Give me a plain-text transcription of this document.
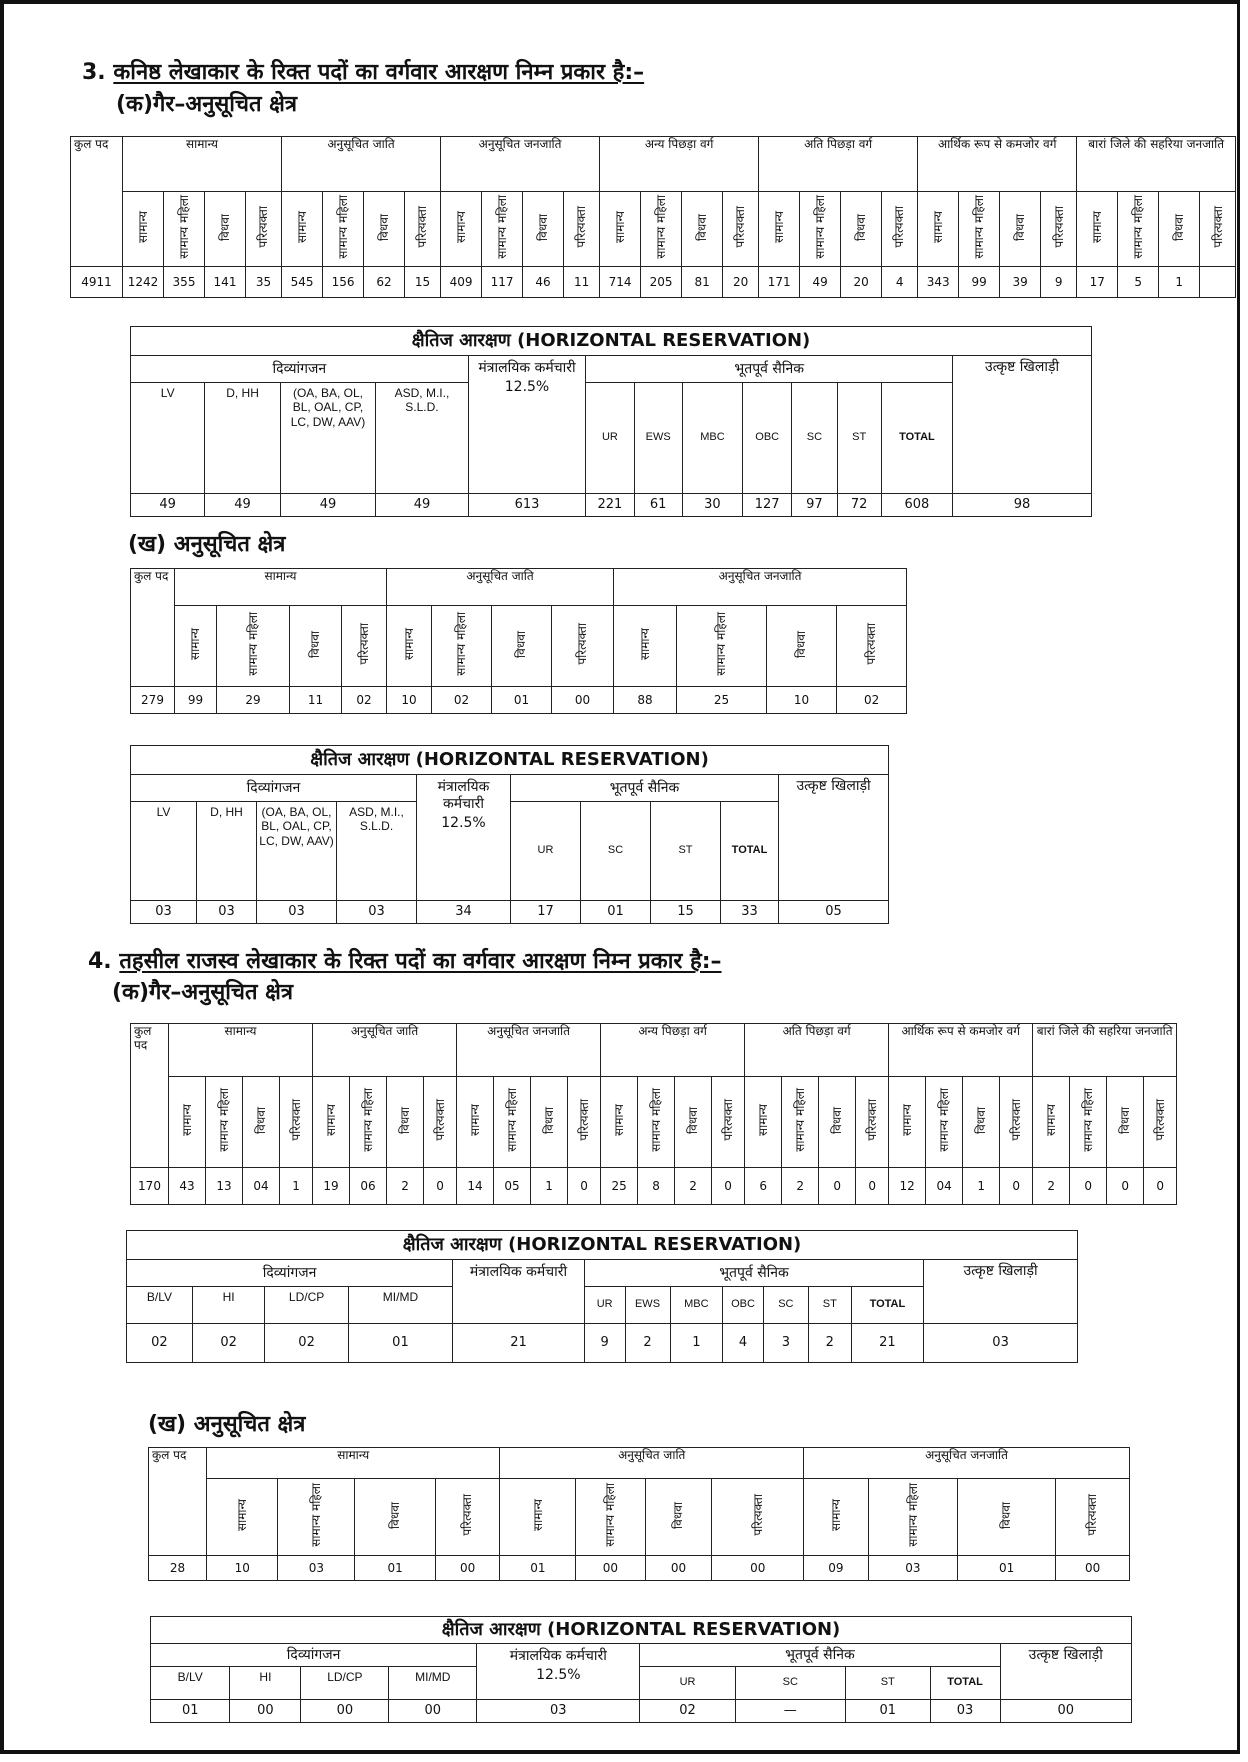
3. कनिष्ठ लेखाकार के रिक्त पदों का वर्गवार आरक्षण निम्न प्रकार है:–
(क)गैर–अनुसूचित क्षेत्र
कुल पद	सामान्य				अनुसूचित जाति				अनुसूचित जनजाति				अन्य पिछड़ा वर्ग				अति पिछड़ा वर्ग				आर्थिक रूप से कमजोर वर्ग				बारां जिले की सहरिया जनजाति			
	सामान्य	सामान्य महिला	विधवा	परित्यक्ता	सामान्य	सामान्य महिला	विधवा	परित्यक्ता	सामान्य	सामान्य महिला	विधवा	परित्यक्ता	सामान्य	सामान्य महिला	विधवा	परित्यक्ता	सामान्य	सामान्य महिला	विधवा	परित्यक्ता	सामान्य	सामान्य महिला	विधवा	परित्यक्ता	सामान्य	सामान्य महिला	विधवा	परित्यक्ता
4911	1242	355	141	35	545	156	62	15	409	117	46	11	714	205	81	20	171	49	20	4	343	99	39	9	17	5	1	
क्षैतिज आरक्षण (HORIZONTAL RESERVATION)												
दिव्यांगजन				मंत्रालयिक कर्मचारी
12.5%	भूतपूर्व सैनिक							उत्कृष्ट खिलाड़ी
LV	D, HH	(OA, BA, OL, BL, OAL, CP, LC, DW, AAV)	ASD, M.I., S.L.D.		UR	EWS	MBC	OBC	SC	ST	TOTAL	
49	49	49	49	613	221	61	30	127	97	72	608	98
(ख) अनुसूचित क्षेत्र
कुल पद	सामान्य				अनुसूचित जाति				अनुसूचित जनजाति			
	सामान्य	सामान्य महिला	विधवा	परित्यक्ता	सामान्य	सामान्य महिला	विधवा	परित्यक्ता	सामान्य	सामान्य महिला	विधवा	परित्यक्ता
279	99	29	11	02	10	02	01	00	88	25	10	02
क्षैतिज आरक्षण (HORIZONTAL RESERVATION)									
दिव्यांगजन				मंत्रालयिक कर्मचारी
12.5%	भूतपूर्व सैनिक				उत्कृष्ट खिलाड़ी
LV	D, HH	(OA, BA, OL, BL, OAL, CP, LC, DW, AAV)	ASD, M.I., S.L.D.		UR	SC	ST	TOTAL	
03	03	03	03	34	17	01	15	33	05
4. तहसील राजस्व लेखाकार के रिक्त पदों का वर्गवार आरक्षण निम्न प्रकार है:–
(क)गैर–अनुसूचित क्षेत्र
कुल पद	सामान्य				अनुसूचित जाति				अनुसूचित जनजाति				अन्य पिछड़ा वर्ग				अति पिछड़ा वर्ग				आर्थिक रूप से कमजोर वर्ग				बारां जिले की सहरिया जनजाति			
	सामान्य	सामान्य महिला	विधवा	परित्यक्ता	सामान्य	सामान्य महिला	विधवा	परित्यक्ता	सामान्य	सामान्य महिला	विधवा	परित्यक्ता	सामान्य	सामान्य महिला	विधवा	परित्यक्ता	सामान्य	सामान्य महिला	विधवा	परित्यक्ता	सामान्य	सामान्य महिला	विधवा	परित्यक्ता	सामान्य	सामान्य महिला	विधवा	परित्यक्ता
170	43	13	04	1	19	06	2	0	14	05	1	0	25	8	2	0	6	2	0	0	12	04	1	0	2	0	0	0
क्षैतिज आरक्षण (HORIZONTAL RESERVATION)												
दिव्यांगजन				मंत्रालयिक कर्मचारी	भूतपूर्व सैनिक							उत्कृष्ट खिलाड़ी
B/LV	HI	LD/CP	MI/MD		UR	EWS	MBC	OBC	SC	ST	TOTAL	
02	02	02	01	21	9	2	1	4	3	2	21	03
(ख) अनुसूचित क्षेत्र
कुल पद	सामान्य				अनुसूचित जाति				अनुसूचित जनजाति			
	सामान्य	सामान्य महिला	विधवा	परित्यक्ता	सामान्य	सामान्य महिला	विधवा	परित्यक्ता	सामान्य	सामान्य महिला	विधवा	परित्यक्ता
28	10	03	01	00	01	00	00	00	09	03	01	00
क्षैतिज आरक्षण (HORIZONTAL RESERVATION)									
दिव्यांगजन				मंत्रालयिक कर्मचारी
12.5%	भूतपूर्व सैनिक				उत्कृष्ट खिलाड़ी
B/LV	HI	LD/CP	MI/MD		UR	SC	ST	TOTAL	
01	00	00	00	03	02	—	01	03	00
